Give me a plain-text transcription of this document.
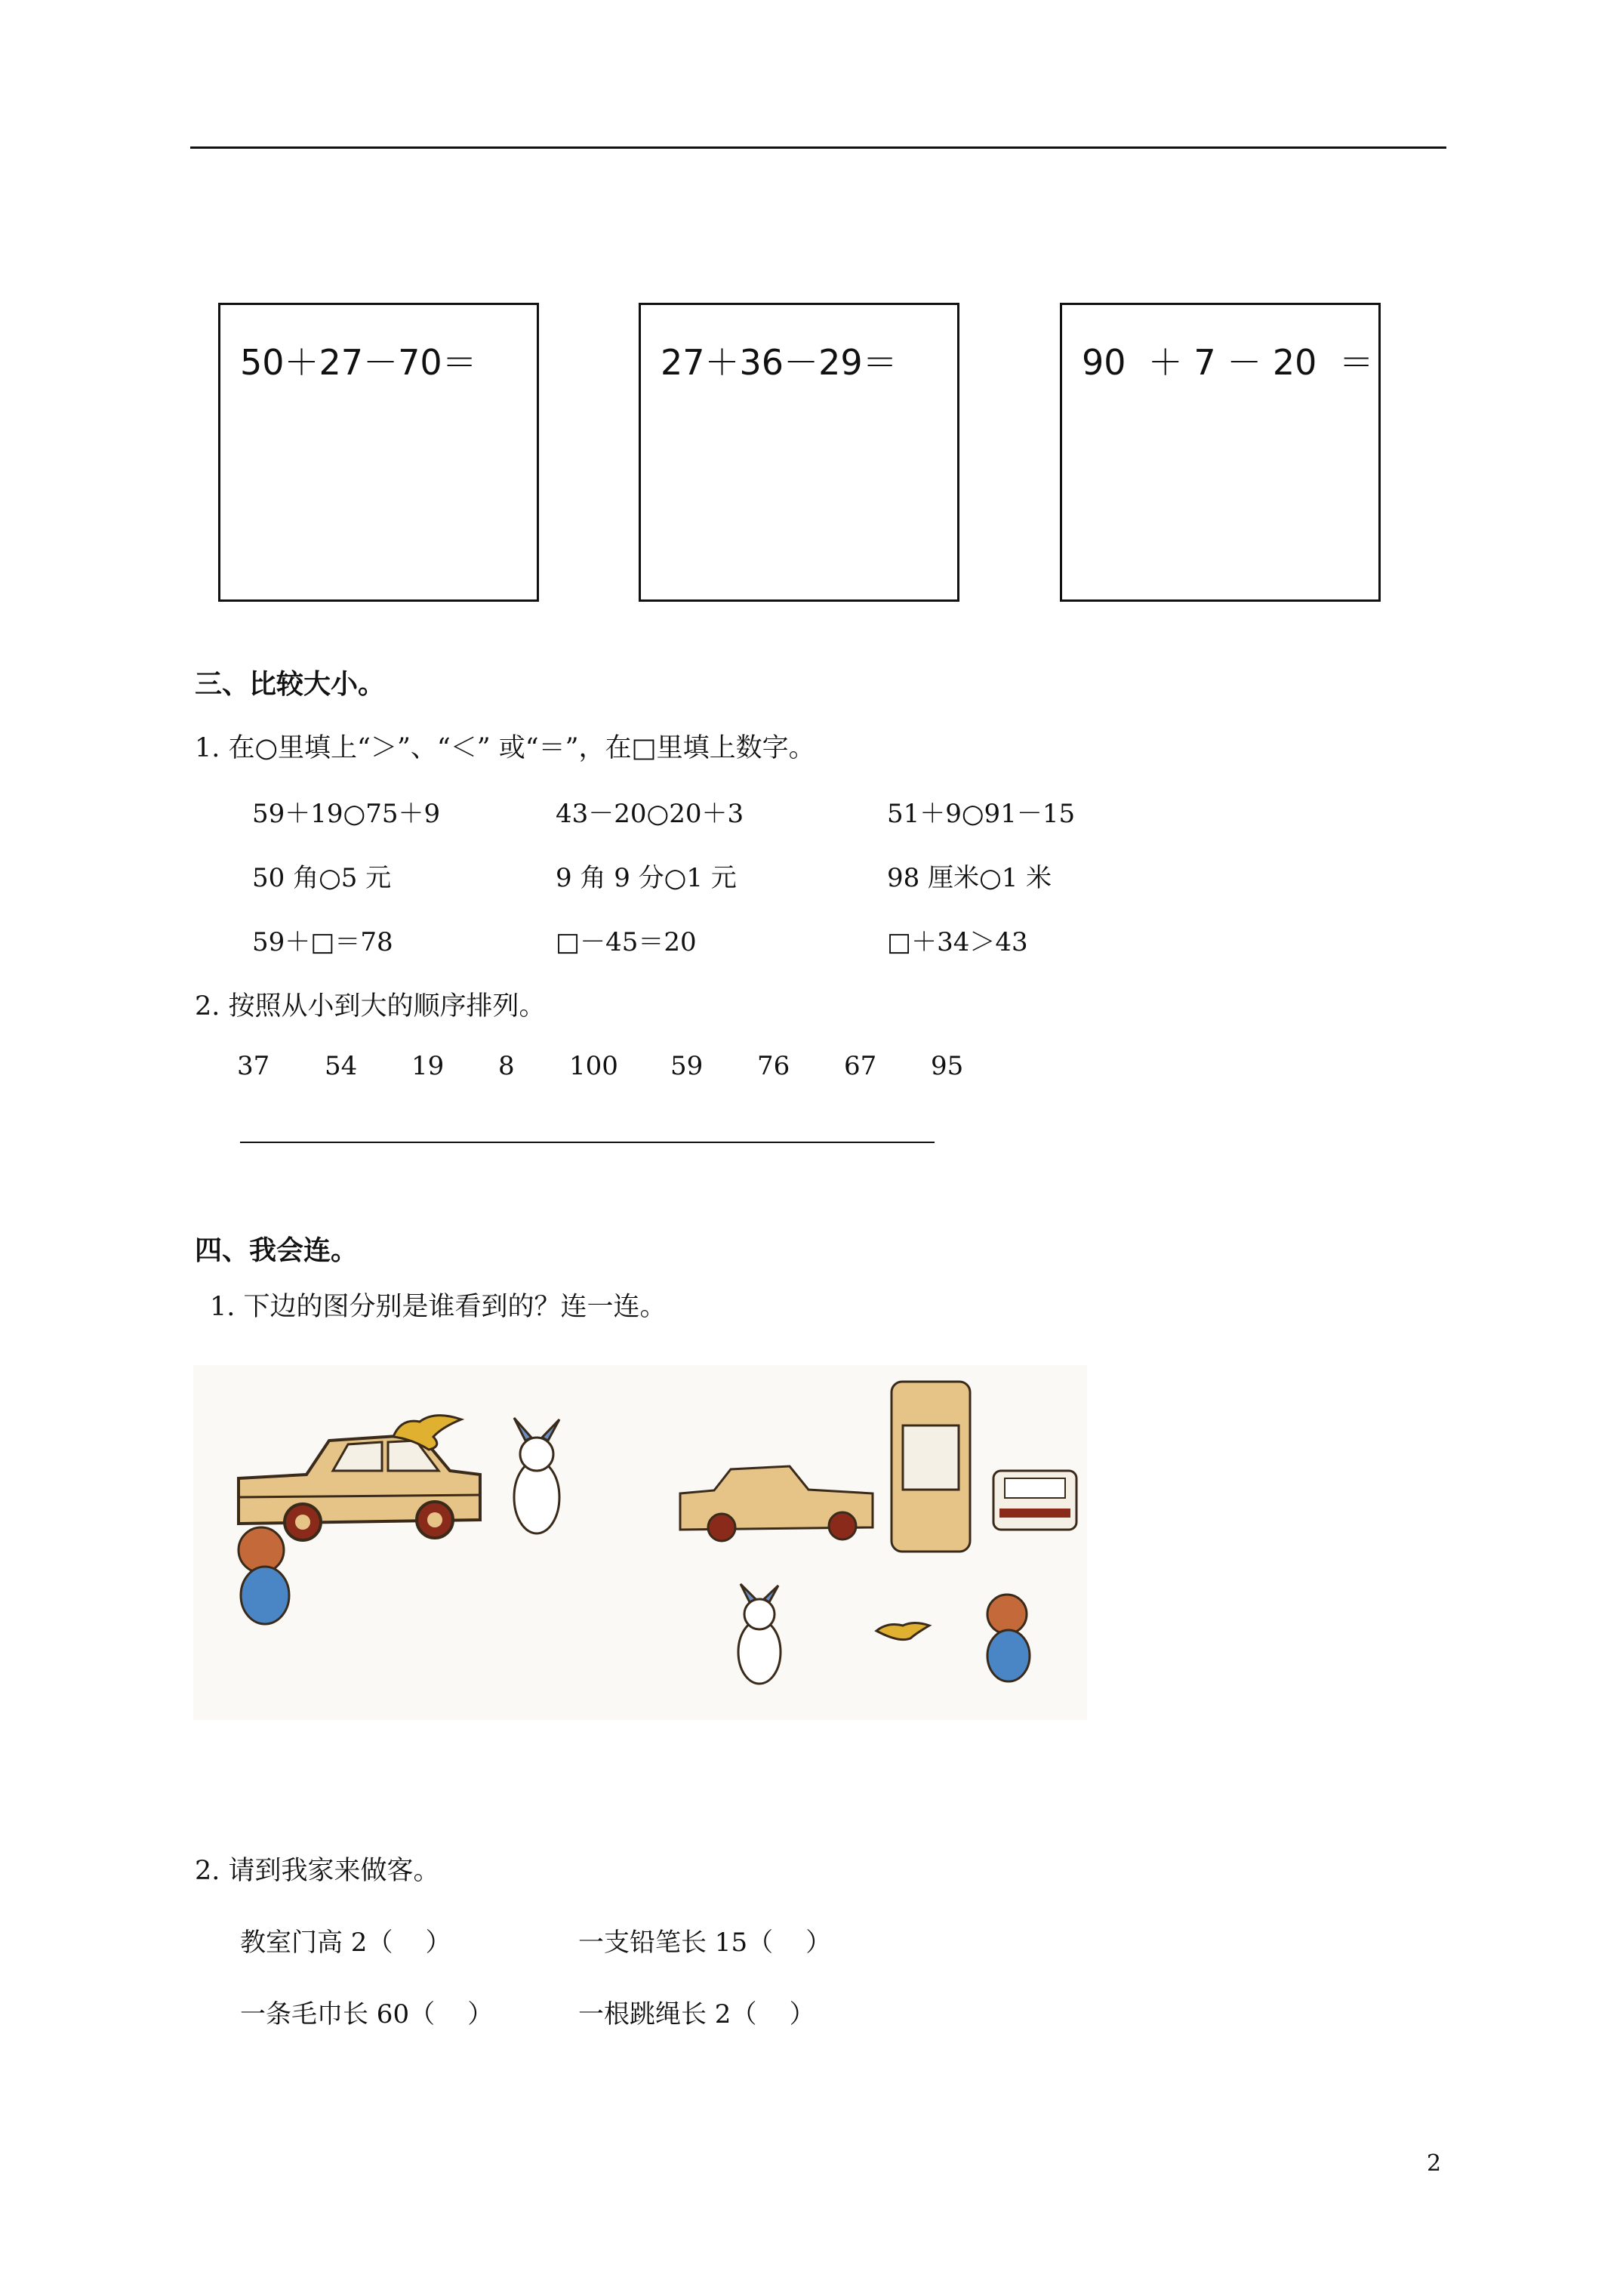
50＋27－70＝	27＋36－29＝	90  ＋ 7 － 20  ＝
三、比较大小。
1. 在○里填上“＞”、“＜” 或“＝”，在□里填上数字。
59＋19○75＋9	43－20○20＋3	51＋9○91－15
50 角○5 元	9 角 9 分○1 元	98 厘米○1 米
59＋□＝78	□－45＝20	□＋34＞43
2. 按照从小到大的顺序排列。
37 54 19 8 100 59 76 67 95
四、我会连。
1. 下边的图分别是谁看到的？连一连。
2. 请到我家来做客。
教室门高 2（    ）	一支铅笔长 15（    ）
一条毛巾长 60（    ）	一根跳绳长 2（    ）
2
